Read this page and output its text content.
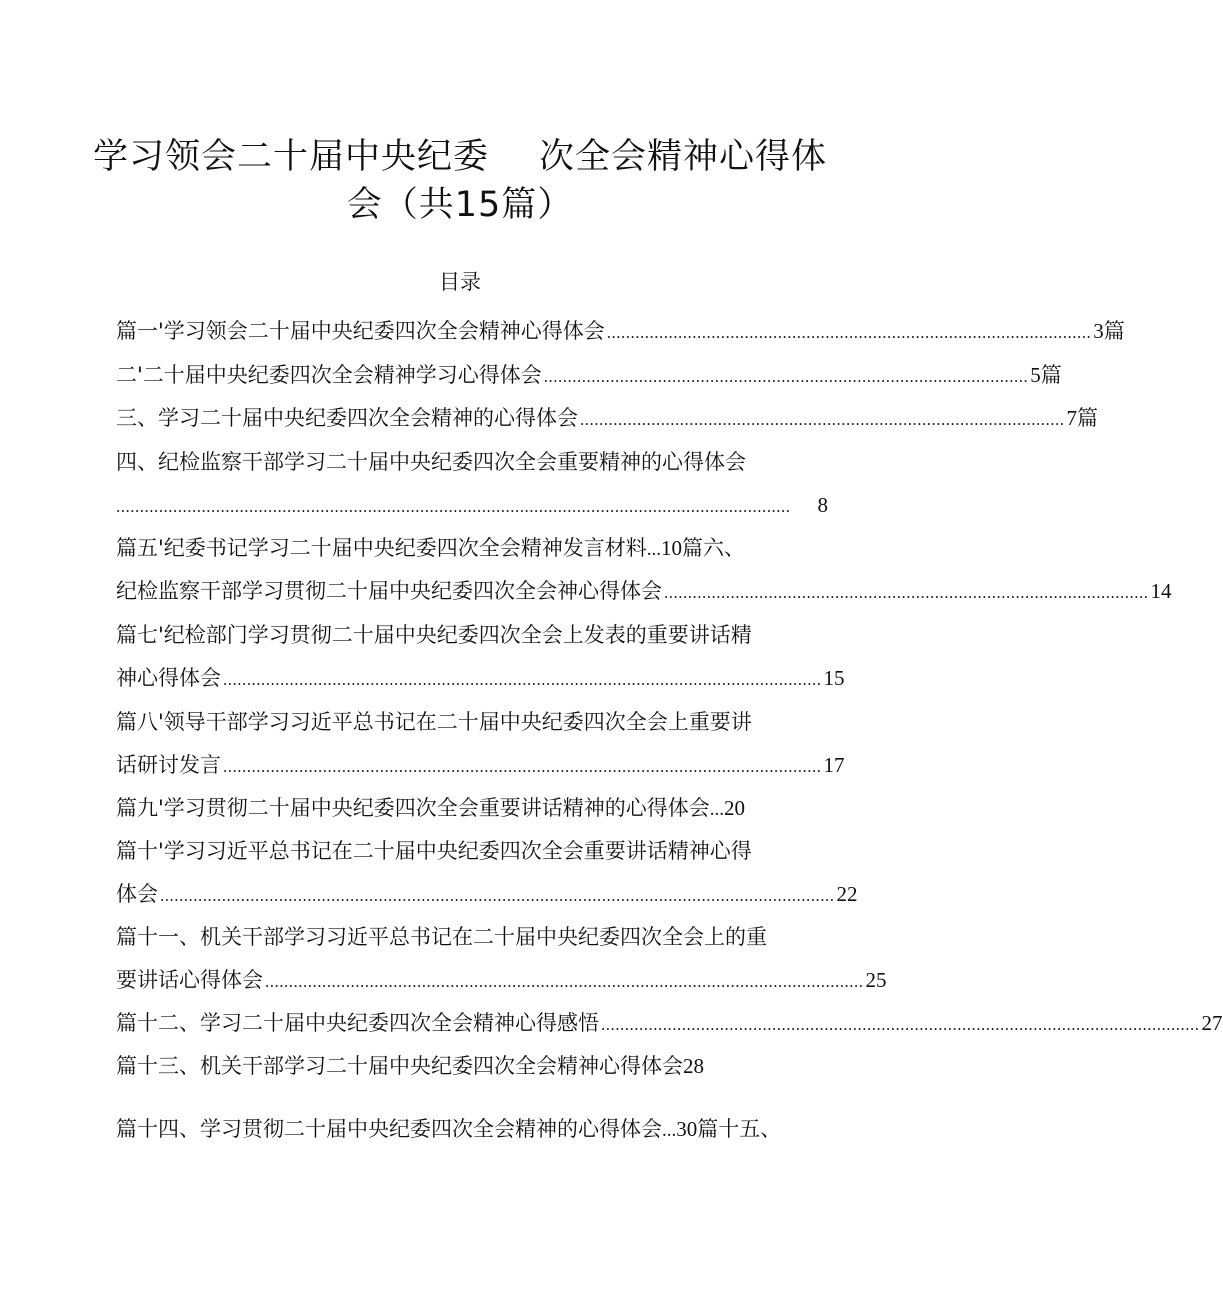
学习领会二十届中央纪委 次全会精神心得体
会（共15篇）
目录
篇一'学习领会二十届中央纪委四次全会精神心得体会 ...................................................................................................... 3 篇
二'二十届中央纪委四次全会精神学习心得体会 ...................................................................................................... 5 篇
三、学习二十届中央纪委四次全会精神的心得体会 ...................................................................................................... 7 篇
四、纪检监察干部学习二十届中央纪委四次全会重要精神的心得体会
..............................................................................................................................................	8
篇五'纪委书记学习二十届中央纪委四次全会精神发言材料...10篇六、
纪检监察干部学习贯彻二十届中央纪委四次全会神心得体会 ...................................................................................................... 14
篇七'纪检部门学习贯彻二十届中央纪委四次全会上发表的重要讲话精
神心得体会 .............................................................................................................................. 15
篇八'领导干部学习习近平总书记在二十届中央纪委四次全会上重要讲
话研讨发言 .............................................................................................................................. 17
篇九'学习贯彻二十届中央纪委四次全会重要讲话精神的心得体会...20
篇十'学习习近平总书记在二十届中央纪委四次全会重要讲话精神心得
体会 .............................................................................................................................................. 22
篇十一、机关干部学习习近平总书记在二十届中央纪委四次全会上的重
要讲话心得体会 .............................................................................................................................. 25
篇十二、学习二十届中央纪委四次全会精神心得感悟 .............................................................................................................................. 27
篇十三、机关干部学习二十届中央纪委四次全会精神心得体会28
篇十四、学习贯彻二十届中央纪委四次全会精神的心得体会...30篇十五、
